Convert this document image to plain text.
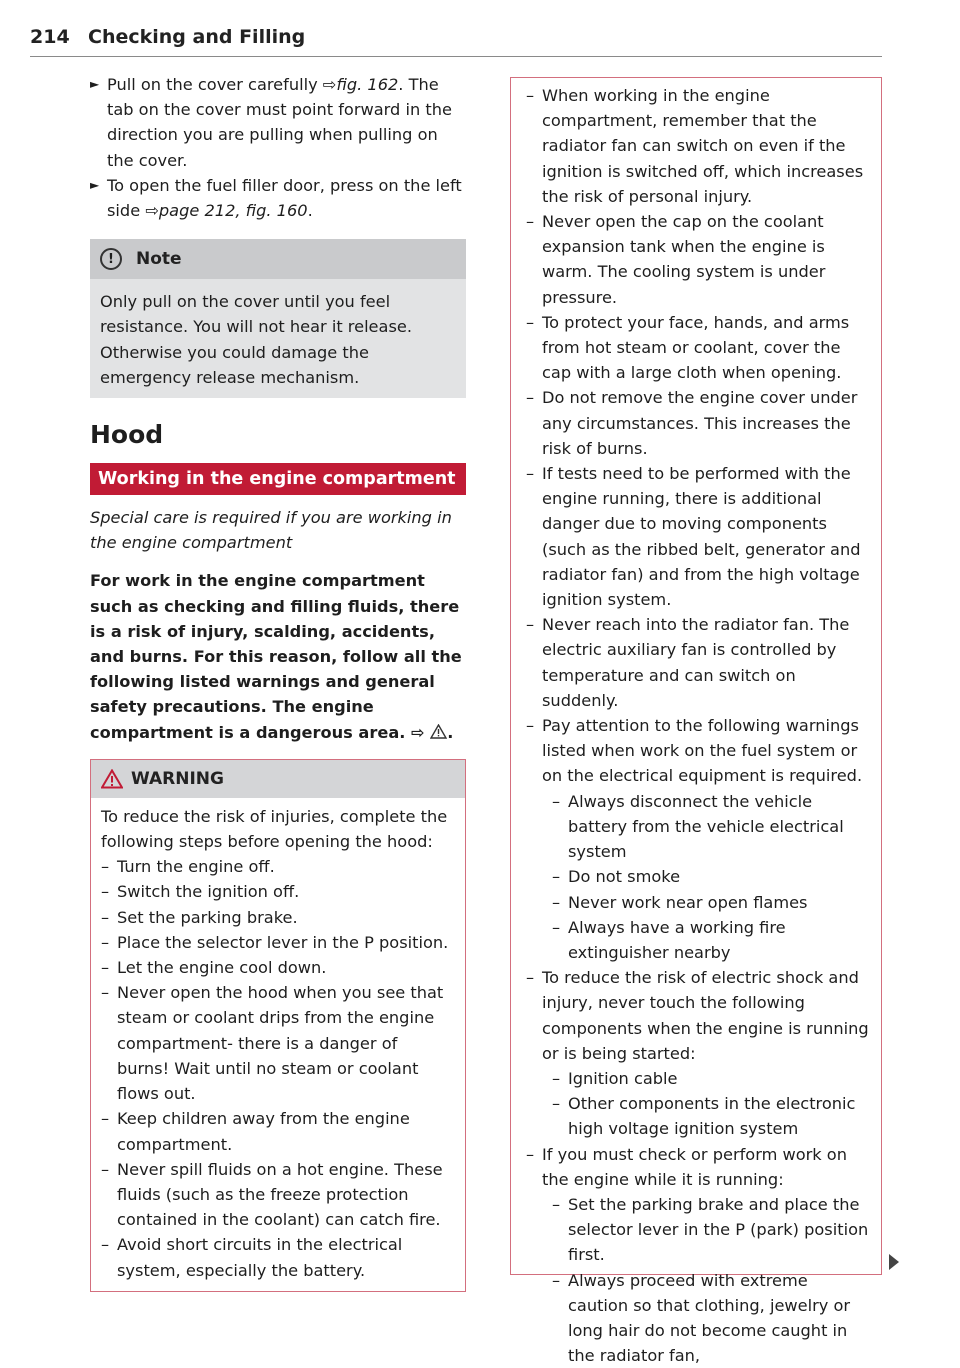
214 Checking and Filling
► Pull on the cover carefully ⇨fig. 162. The tab on the cover must point forward in the direction you are pulling when pulling on the cover.
► To open the fuel filler door, press on the left side ⇨page 212, fig. 160.
!	Note
Only pull on the cover until you feel resistance. You will not hear it release. Otherwise you could damage the emergency release mechanism.
Hood
Working in the engine compartment

Special care is required if you are working in the engine compartment

For work in the engine compartment such as checking and filling fluids, there is a risk of injury, scalding, accidents, and burns. For this reason, follow all the following listed warnings and general safety precautions. The engine compartment is a dangerous area. ⇨ .

WARNING

To reduce the risk of injuries, complete the following steps before opening the hood:

– Turn the engine off.
– Switch the ignition off.
– Set the parking brake.
– Place the selector lever in the P position.
– Let the engine cool down.
– Never open the hood when you see that steam or coolant drips from the engine compartment- there is a danger of burns! Wait until no steam or coolant flows out.
– Keep children away from the engine compartment.
– Never spill fluids on a hot engine. These fluids (such as the freeze protection contained in the coolant) can catch fire.
– Avoid short circuits in the electrical system, especially the battery.
– When working in the engine compartment, remember that the radiator fan can switch on even if the ignition is switched off, which increases the risk of personal injury.
– Never open the cap on the coolant expansion tank when the engine is warm. The cooling system is under pressure.
– To protect your face, hands, and arms from hot steam or coolant, cover the cap with a large cloth when opening.
– Do not remove the engine cover under any circumstances. This increases the risk of burns.
– If tests need to be performed with the engine running, there is additional danger due to moving components (such as the ribbed belt, generator and radiator fan) and from the high voltage ignition system.
– Never reach into the radiator fan. The electric auxiliary fan is controlled by temperature and can switch on suddenly.
– Pay attention to the following warnings listed when work on the fuel system or on the electrical equipment is required.
– Always disconnect the vehicle battery from the vehicle electrical system
– Do not smoke
– Never work near open flames
– Always have a working fire extinguisher nearby
– To reduce the risk of electric shock and injury, never touch the following components when the engine is running or is being started:
– Ignition cable
– Other components in the electronic high voltage ignition system
– If you must check or perform work on the engine while it is running:
– Set the parking brake and place the selector lever in the P (park) position first.
– Always proceed with extreme caution so that clothing, jewelry or long hair do not become caught in the radiator fan,
